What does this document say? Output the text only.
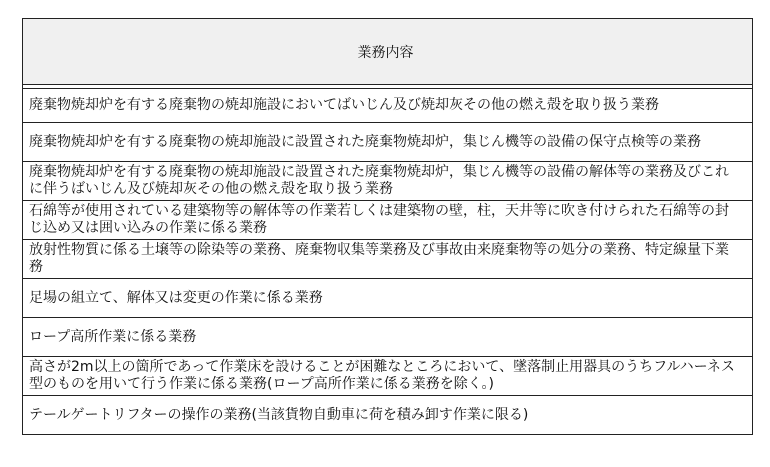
業務内容

廃棄物焼却炉を有する廃棄物の焼却施設においてばいじん及び焼却灰その他の燃え殻を取り扱う業務
廃棄物焼却炉を有する廃棄物の焼却施設に設置された廃棄物焼却炉，集じん機等の設備の保守点検等の業務
廃棄物焼却炉を有する廃棄物の焼却施設に設置された廃棄物焼却炉，集じん機等の設備の解体等の業務及びこれに伴うばいじん及び焼却灰その他の燃え殻を取り扱う業務
石綿等が使用されている建築物等の解体等の作業若しくは建築物の壁，柱，天井等に吹き付けられた石綿等の封じ込め又は囲い込みの作業に係る業務
放射性物質に係る土壌等の除染等の業務、廃棄物収集等業務及び事故由来廃棄物等の処分の業務、特定線量下業務
足場の組立て、解体又は変更の作業に係る業務
ロープ高所作業に係る業務
高さが2m以上の箇所であって作業床を設けることが困難なところにおいて、墜落制止用器具のうちフルハーネス型のものを用いて行う作業に係る業務(ロープ高所作業に係る業務を除く。)
テールゲートリフターの操作の業務(当該貨物自動車に荷を積み卸す作業に限る)
